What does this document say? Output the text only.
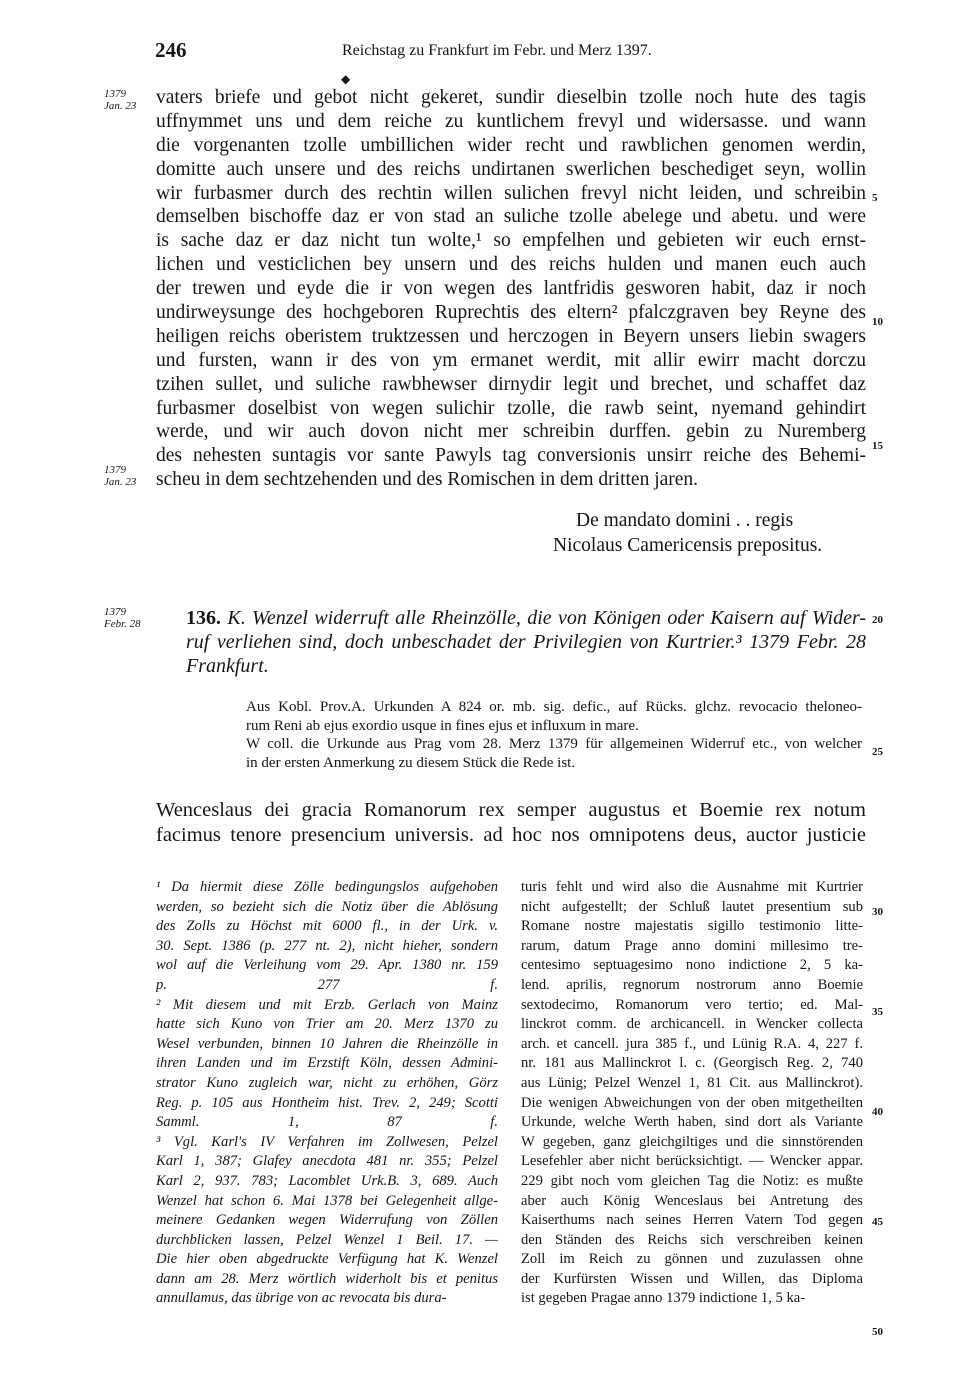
246	Reichstag zu Frankfurt im Febr. und Merz 1397.
◆
1379
Jan. 23
1379
Jan. 23
1379
Febr. 28
5
10
15
20
25
30
35
40
45
50
vaters briefe und gebot nicht gekeret, sundir dieselbin tzolle noch hute des tagis
uffnymmet uns und dem reiche zu kuntlichem frevyl und widersasse. und wann
die vorgenanten tzolle umbillichen wider recht und rawblichen genomen werdin,
domitte auch unsere und des reichs undirtanen swerlichen beschediget seyn, wollin
wir furbasmer durch des rechtin willen sulichen frevyl nicht leiden, und schreibin
demselben bischoffe daz er von stad an suliche tzolle abelege und abetu. und were
is sache daz er daz nicht tun wolte,¹ so empfelhen und gebieten wir euch ernst-
lichen und vesticlichen bey unsern und des reichs hulden und manen euch auch
der trewen und eyde die ir von wegen des lantfridis gesworen habit, daz ir noch
undirweysunge des hochgeboren Ruprechtis des eltern² pfalczgraven bey Reyne des
heiligen reichs oberistem truktzessen und herczogen in Beyern unsers liebin swagers
und fursten, wann ir des von ym ermanet werdit, mit allir ewirr macht dorczu
tzihen sullet, und suliche rawbhewser dirnydir legit und brechet, und schaffet daz
furbasmer doselbist von wegen sulichir tzolle, die rawb seint, nyemand gehindirt
werde, und wir auch dovon nicht mer schreibin durffen. gebin zu Nuremberg
des nehesten suntagis vor sante Pawyls tag conversionis unsirr reiche des Behemi-
scheu in dem sechtzehenden und des Romischen in dem dritten jaren.
De mandato domini . . regis
Nicolaus Camericensis prepositus.
136. K. Wenzel widerruft alle Rheinzölle, die von Königen oder Kaisern auf Wider-
ruf verliehen sind, doch unbeschadet der Privilegien von Kurtrier.³ 1379 Febr. 28
Frankfurt.
Aus Kobl. Prov.A. Urkunden A 824 or. mb. sig. defic., auf Rücks. glchz. revocacio theloneo-
rum Reni ab ejus exordio usque in fines ejus et influxum in mare.
W coll. die Urkunde aus Prag vom 28. Merz 1379 für allgemeinen Widerruf etc., von welcher
in der ersten Anmerkung zu diesem Stück die Rede ist.
Wenceslaus dei gracia Romanorum rex semper augustus et Boemie rex notum
facimus tenore presencium universis. ad hoc nos omnipotens deus, auctor justicie
¹ Da hiermit diese Zölle bedingungslos aufgehoben
werden, so bezieht sich die Notiz über die Ablösung
des Zolls zu Höchst mit 6000 fl., in der Urk. v.
30. Sept. 1386 (p. 277 nt. 2), nicht hieher, sondern
wol auf die Verleihung vom 29. Apr. 1380 nr. 159
p. 277 f.
² Mit diesem und mit Erzb. Gerlach von Mainz
hatte sich Kuno von Trier am 20. Merz 1370 zu
Wesel verbunden, binnen 10 Jahren die Rheinzölle in
ihren Landen und im Erzstift Köln, dessen Admini-
strator Kuno zugleich war, nicht zu erhöhen, Görz
Reg. p. 105 aus Hontheim hist. Trev. 2, 249; Scotti
Samml. 1, 87 f.
³ Vgl. Karl's IV Verfahren im Zollwesen, Pelzel
Karl 1, 387; Glafey anecdota 481 nr. 355; Pelzel
Karl 2, 937. 783; Lacomblet Urk.B. 3, 689. Auch
Wenzel hat schon 6. Mai 1378 bei Gelegenheit allge-
meinere Gedanken wegen Widerrufung von Zöllen
durchblicken lassen, Pelzel Wenzel 1 Beil. 17. —
Die hier oben abgedruckte Verfügung hat K. Wenzel
dann am 28. Merz wörtlich widerholt bis et penitus
annullamus, das übrige von ac revocata bis dura-
turis fehlt und wird also die Ausnahme mit Kurtrier
nicht aufgestellt; der Schluß lautet presentium sub
Romane nostre majestatis sigillo testimonio litte-
rarum, datum Prage anno domini millesimo tre-
centesimo septuagesimo nono indictione 2, 5 ka-
lend. aprilis, regnorum nostrorum anno Boemie
sextodecimo, Romanorum vero tertio; ed. Mal-
linckrot comm. de archicancell. in Wencker collecta
arch. et cancell. jura 385 f., und Lünig R.A. 4, 227 f.
nr. 181 aus Mallinckrot l. c. (Georgisch Reg. 2, 740
aus Lünig; Pelzel Wenzel 1, 81 Cit. aus Mallinckrot).
Die wenigen Abweichungen von der oben mitgetheilten
Urkunde, welche Werth haben, sind dort als Variante
W gegeben, ganz gleichgiltiges und die sinnstörenden
Lesefehler aber nicht berücksichtigt. — Wencker appar.
229 gibt noch vom gleichen Tag die Notiz: es mußte
aber auch König Wenceslaus bei Antretung des
Kaiserthums nach seines Herren Vatern Tod gegen
den Ständen des Reichs sich verschreiben keinen
Zoll im Reich zu gönnen und zuzulassen ohne
der Kurfürsten Wissen und Willen, das Diploma
ist gegeben Pragae anno 1379 indictione 1, 5 ka-
